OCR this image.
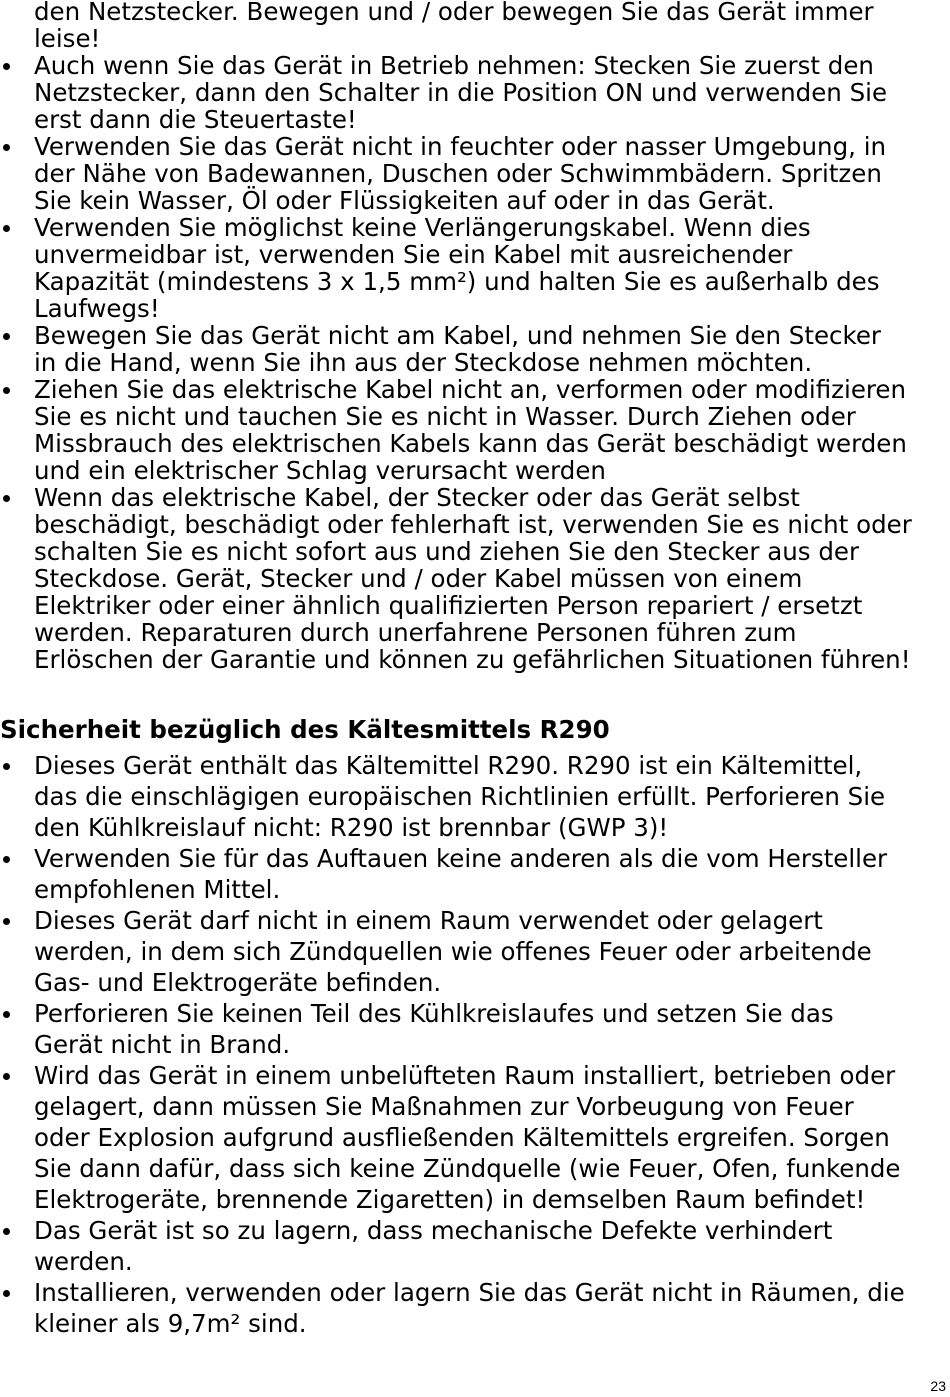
den Netzstecker. Bewegen und / oder bewegen Sie das Gerät immer
leise!

Auch wenn Sie das Gerät in Betrieb nehmen: Stecken Sie zuerst den
Netzstecker, dann den Schalter in die Position ON und verwenden Sie
erst dann die Steuertaste!
Verwenden Sie das Gerät nicht in feuchter oder nasser Umgebung, in
der Nähe von Badewannen, Duschen oder Schwimmbädern. Spritzen
Sie kein Wasser, Öl oder Flüssigkeiten auf oder in das Gerät.
Verwenden Sie möglichst keine Verlängerungskabel. Wenn dies
unvermeidbar ist, verwenden Sie ein Kabel mit ausreichender
Kapazität (mindestens 3 x 1,5 mm²) und halten Sie es außerhalb des
Laufwegs!
Bewegen Sie das Gerät nicht am Kabel, und nehmen Sie den Stecker
in die Hand, wenn Sie ihn aus der Steckdose nehmen möchten.
Ziehen Sie das elektrische Kabel nicht an, verformen oder modifizieren
Sie es nicht und tauchen Sie es nicht in Wasser. Durch Ziehen oder
Missbrauch des elektrischen Kabels kann das Gerät beschädigt werden
und ein elektrischer Schlag verursacht werden
Wenn das elektrische Kabel, der Stecker oder das Gerät selbst
beschädigt, beschädigt oder fehlerhaft ist, verwenden Sie es nicht oder
schalten Sie es nicht sofort aus und ziehen Sie den Stecker aus der
Steckdose. Gerät, Stecker und / oder Kabel müssen von einem
Elektriker oder einer ähnlich qualifizierten Person repariert / ersetzt
werden. Reparaturen durch unerfahrene Personen führen zum
Erlöschen der Garantie und können zu gefährlichen Situationen führen!
Sicherheit bezüglich des Kältesmittels R290
Dieses Gerät enthält das Kältemittel R290. R290 ist ein Kältemittel,
das die einschlägigen europäischen Richtlinien erfüllt. Perforieren Sie
den Kühlkreislauf nicht: R290 ist brennbar (GWP 3)!
Verwenden Sie für das Auftauen keine anderen als die vom Hersteller
empfohlenen Mittel.
Dieses Gerät darf nicht in einem Raum verwendet oder gelagert
werden, in dem sich Zündquellen wie offenes Feuer oder arbeitende
Gas- und Elektrogeräte befinden.
Perforieren Sie keinen Teil des Kühlkreislaufes und setzen Sie das
Gerät nicht in Brand.
Wird das Gerät in einem unbelüfteten Raum installiert, betrieben oder
gelagert, dann müssen Sie Maßnahmen zur Vorbeugung von Feuer
oder Explosion aufgrund ausfließenden Kältemittels ergreifen. Sorgen
Sie dann dafür, dass sich keine Zündquelle (wie Feuer, Ofen, funkende
Elektrogeräte, brennende Zigaretten) in demselben Raum befindet!
Das Gerät ist so zu lagern, dass mechanische Defekte verhindert
werden.
Installieren, verwenden oder lagern Sie das Gerät nicht in Räumen, die
kleiner als 9,7m² sind.
23
